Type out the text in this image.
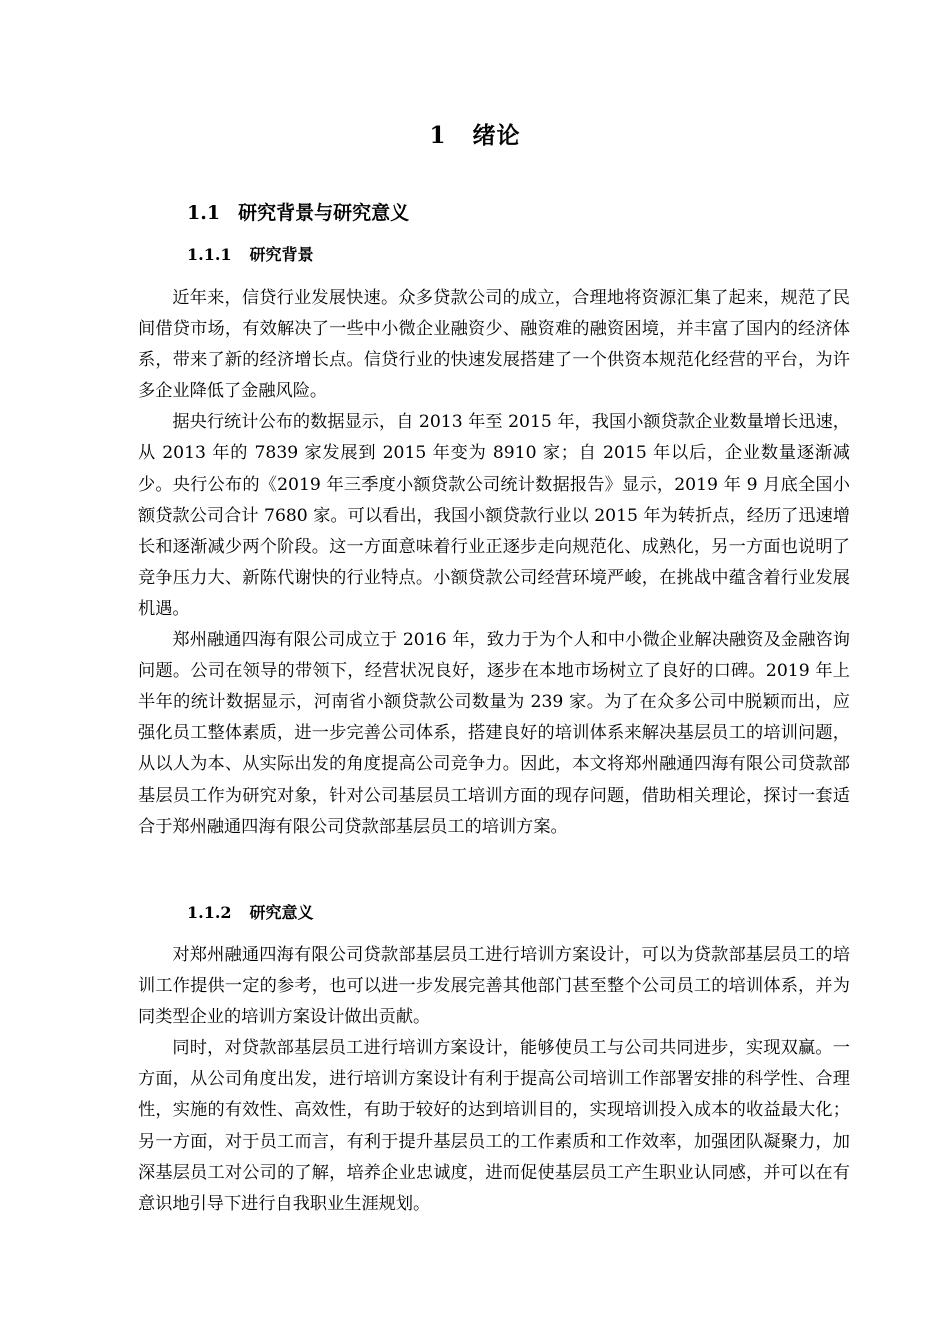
1 绪论
1.1 研究背景与研究意义
1.1.1 研究背景

近年来，信贷行业发展快速。众多贷款公司的成立，合理地将资源汇集了起来，规范了民间借贷市场，有效解决了一些中小微企业融资少、融资难的融资困境，并丰富了国内的经济体系，带来了新的经济增长点。信贷行业的快速发展搭建了一个供资本规范化经营的平台，为许多企业降低了金融风险。

据央行统计公布的数据显示，自 2013 年至 2015 年，我国小额贷款企业数量增长迅速，从 2013 年的 7839 家发展到 2015 年变为 8910 家；自 2015 年以后，企业数量逐渐减少。央行公布的《2019 年三季度小额贷款公司统计数据报告》显示，2019 年 9 月底全国小额贷款公司合计 7680 家。可以看出，我国小额贷款行业以 2015 年为转折点，经历了迅速增长和逐渐减少两个阶段。这一方面意味着行业正逐步走向规范化、成熟化，另一方面也说明了竞争压力大、新陈代谢快的行业特点。小额贷款公司经营环境严峻，在挑战中蕴含着行业发展机遇。

郑州融通四海有限公司成立于 2016 年，致力于为个人和中小微企业解决融资及金融咨询问题。公司在领导的带领下，经营状况良好，逐步在本地市场树立了良好的口碑。2019 年上半年的统计数据显示，河南省小额贷款公司数量为 239 家。为了在众多公司中脱颖而出，应强化员工整体素质，进一步完善公司体系，搭建良好的培训体系来解决基层员工的培训问题，从以人为本、从实际出发的角度提高公司竞争力。因此，本文将郑州融通四海有限公司贷款部基层员工作为研究对象，针对公司基层员工培训方面的现存问题，借助相关理论，探讨一套适合于郑州融通四海有限公司贷款部基层员工的培训方案。

1.1.2 研究意义

对郑州融通四海有限公司贷款部基层员工进行培训方案设计，可以为贷款部基层员工的培训工作提供一定的参考，也可以进一步发展完善其他部门甚至整个公司员工的培训体系，并为同类型企业的培训方案设计做出贡献。

同时，对贷款部基层员工进行培训方案设计，能够使员工与公司共同进步，实现双赢。一方面，从公司角度出发，进行培训方案设计有利于提高公司培训工作部署安排的科学性、合理性，实施的有效性、高效性，有助于较好的达到培训目的，实现培训投入成本的收益最大化；另一方面，对于员工而言，有利于提升基层员工的工作素质和工作效率，加强团队凝聚力，加深基层员工对公司的了解，培养企业忠诚度，进而促使基层员工产生职业认同感，并可以在有意识地引导下进行自我职业生涯规划。
